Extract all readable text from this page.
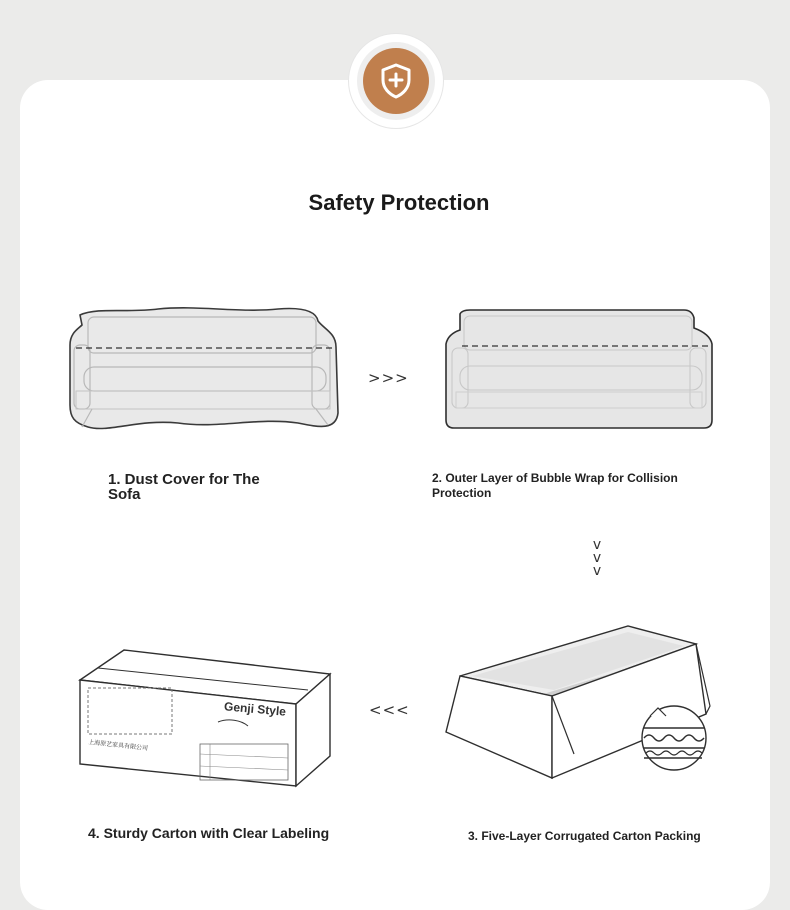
Safety Protection
>>>
1. Dust Cover for The Sofa
2. Outer Layer of Bubble Wrap for Collision Protection
v
v
v
Genji Style
上海原艺家具有限公司
<<<
4. Sturdy Carton with Clear Labeling	3. Five-Layer Corrugated Carton Packing
